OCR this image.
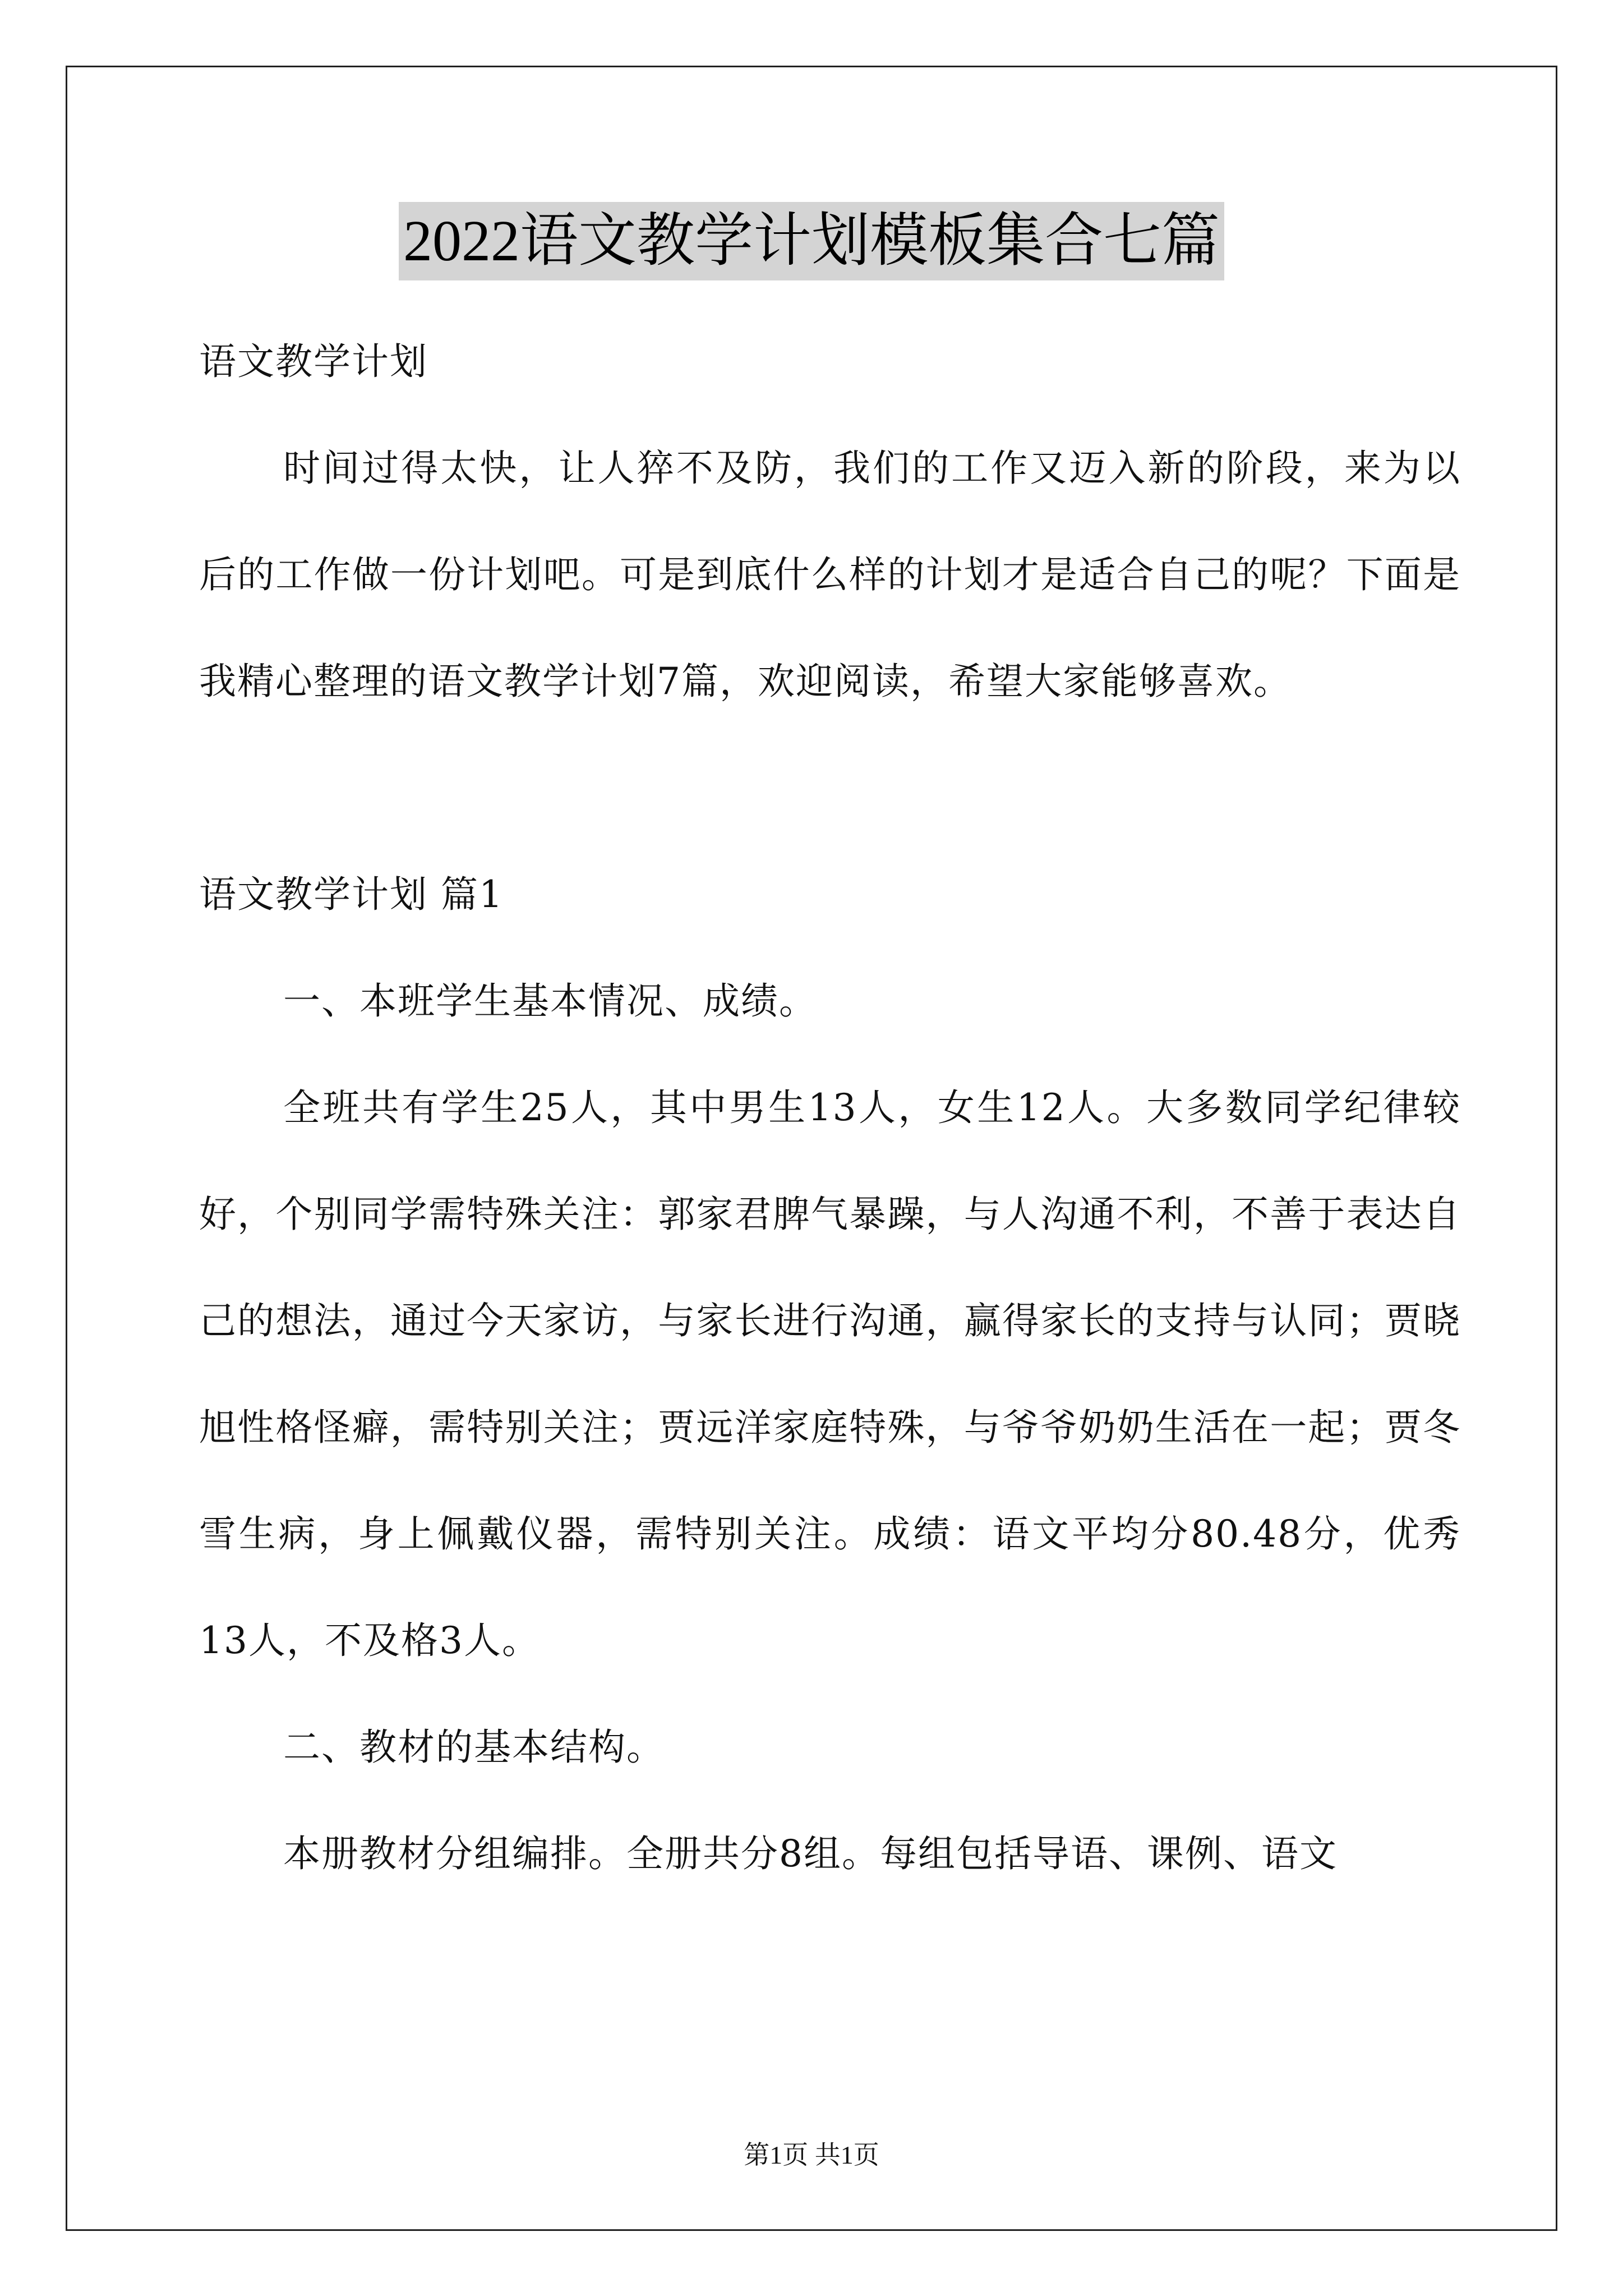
2022语文教学计划模板集合七篇

语文教学计划

时间过得太快，让人猝不及防，我们的工作又迈入新的阶段，来为以后的工作做一份计划吧。可是到底什么样的计划才是适合自己的呢？下面是我精心整理的语文教学计划7篇，欢迎阅读，希望大家能够喜欢。

语文教学计划 篇1

一、本班学生基本情况、成绩。

全班共有学生25人，其中男生13人，女生12人。大多数同学纪律较好，个别同学需特殊关注：郭家君脾气暴躁，与人沟通不利，不善于表达自己的想法，通过今天家访，与家长进行沟通，赢得家长的支持与认同；贾晓旭性格怪癖，需特别关注；贾远洋家庭特殊，与爷爷奶奶生活在一起；贾冬雪生病，身上佩戴仪器，需特别关注。成绩：语文平均分80.48分，优秀13人，不及格3人。

二、教材的基本结构。

本册教材分组编排。全册共分8组。每组包括导语、课例、语文

第1页 共1页
